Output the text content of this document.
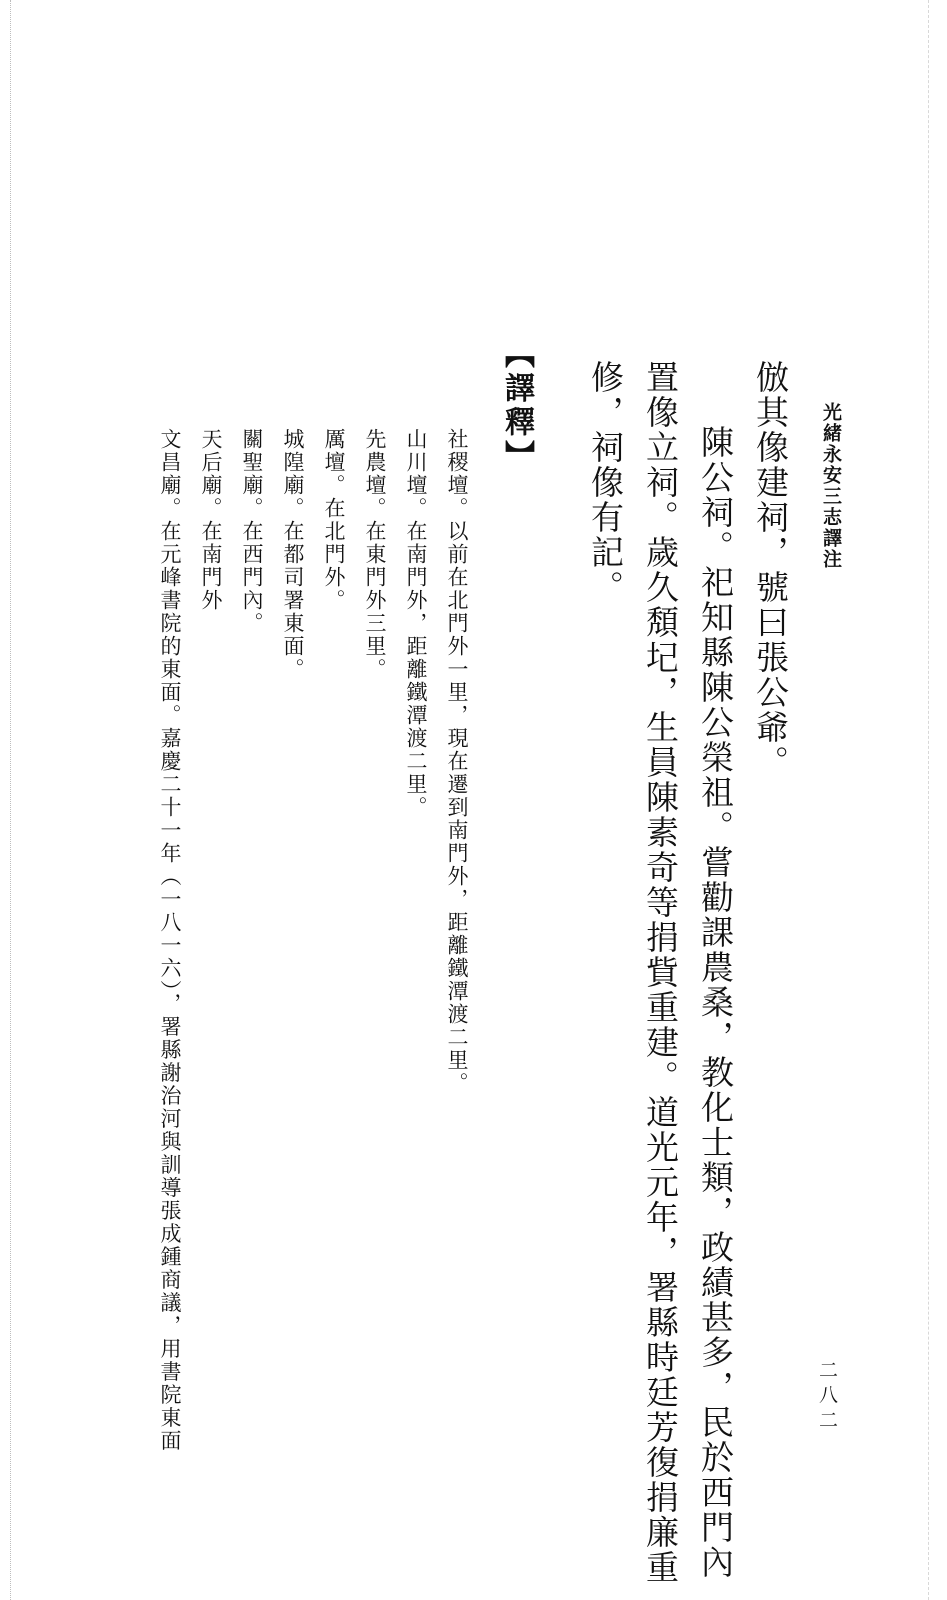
光緒永安三志譯注
二八二
倣其像建祠，號曰張公爺。
陳公祠。祀知縣陳公榮祖。嘗勸課農桑，教化士類，政績甚多，民於西門內
置像立祠。歲久頽圮，生員陳素奇等捐貲重建。道光元年，署縣時廷芳復捐廉重
修，祠像有記。
【譯釋】
社稷壇。以前在北門外一里，現在遷到南門外，距離鐵潭渡二里。
山川壇。在南門外，距離鐵潭渡二里。
先農壇。在東門外三里。
厲壇。在北門外。
城隍廟。在都司署東面。
關聖廟。在西門內。
天后廟。在南門外
文昌廟。在元峰書院的東面。嘉慶二十一年（一八一六），署縣謝治河與訓導張成鍾商議，用書院東面
